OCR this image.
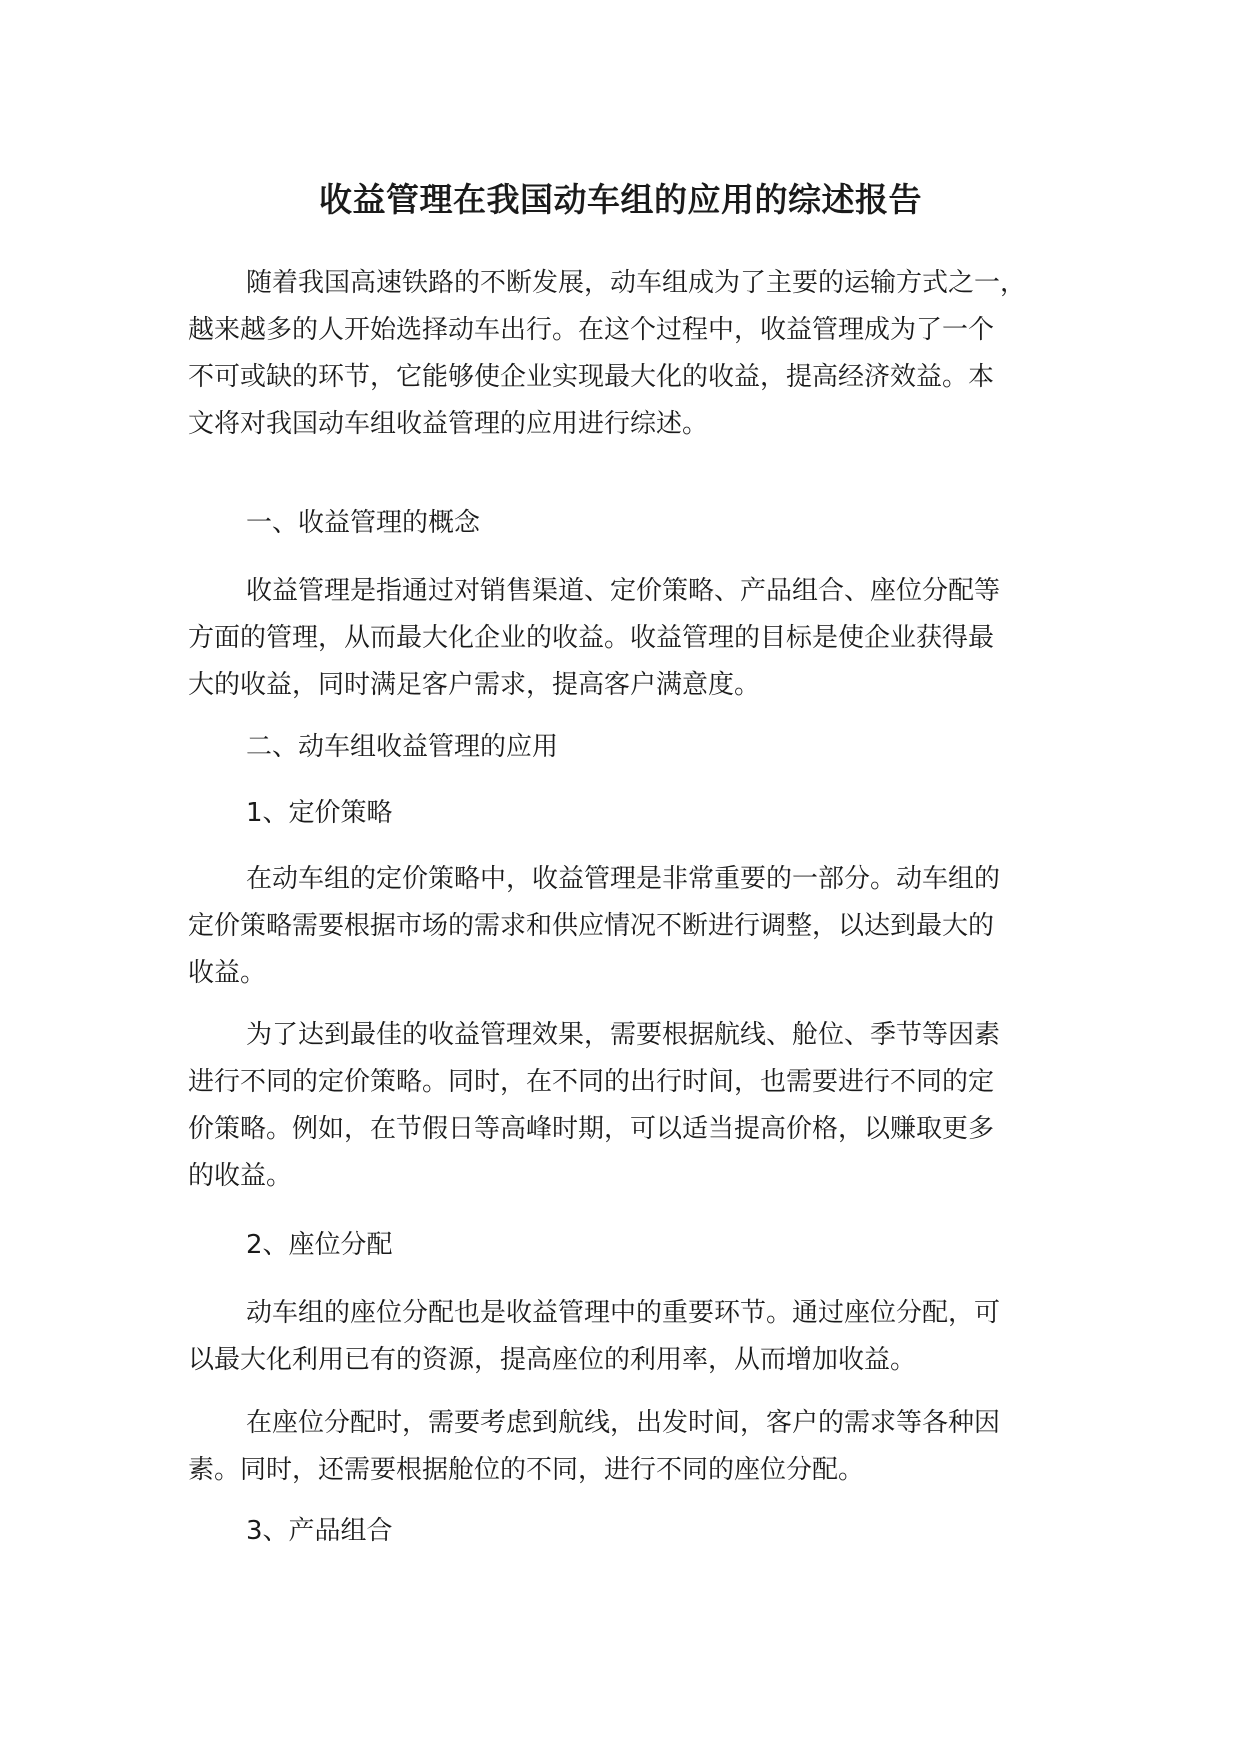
收益管理在我国动车组的应用的综述报告
随着我国高速铁路的不断发展，动车组成为了主要的运输方式之一，
越来越多的人开始选择动车出行。在这个过程中，收益管理成为了一个
不可或缺的环节，它能够使企业实现最大化的收益，提高经济效益。本
文将对我国动车组收益管理的应用进行综述。
一、收益管理的概念
收益管理是指通过对销售渠道、定价策略、产品组合、座位分配等
方面的管理，从而最大化企业的收益。收益管理的目标是使企业获得最
大的收益，同时满足客户需求，提高客户满意度。
二、动车组收益管理的应用
1、定价策略
在动车组的定价策略中，收益管理是非常重要的一部分。动车组的
定价策略需要根据市场的需求和供应情况不断进行调整，以达到最大的
收益。
为了达到最佳的收益管理效果，需要根据航线、舱位、季节等因素
进行不同的定价策略。同时，在不同的出行时间，也需要进行不同的定
价策略。例如，在节假日等高峰时期，可以适当提高价格，以赚取更多
的收益。
2、座位分配
动车组的座位分配也是收益管理中的重要环节。通过座位分配，可
以最大化利用已有的资源，提高座位的利用率，从而增加收益。
在座位分配时，需要考虑到航线，出发时间，客户的需求等各种因
素。同时，还需要根据舱位的不同，进行不同的座位分配。
3、产品组合
